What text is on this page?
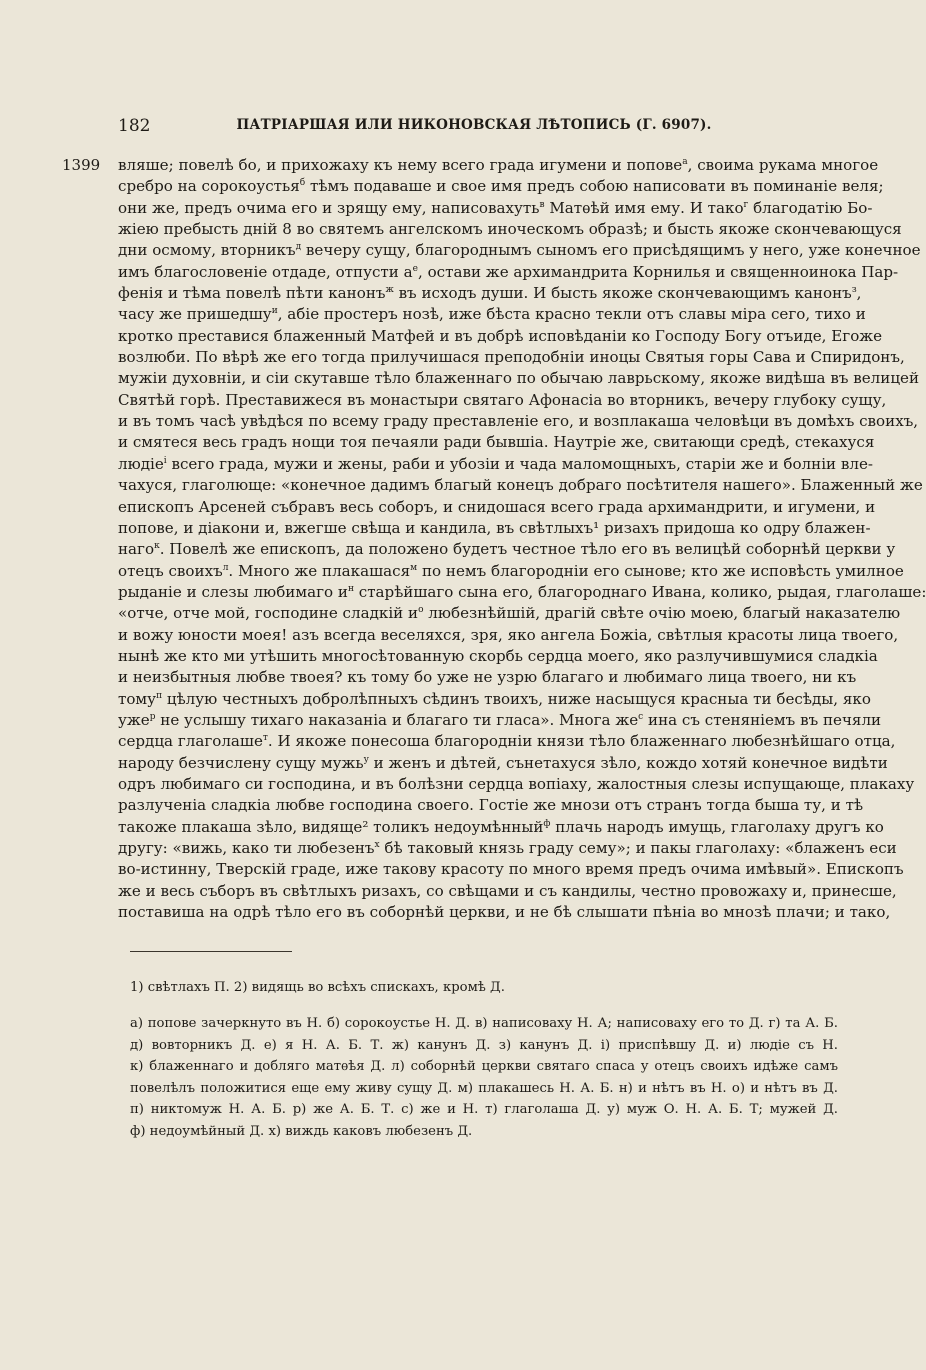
182	ПАТРІАРШАЯ ИЛИ НИКОНОВСКАЯ ЛѢТОПИСЬ (Г. 6907).
1399 вляше; повелѣ бо, и прихожаху къ нему всего града игумени и попове$^а$, своима рукама многое
сребро на сорокоустья$^б$ тѣмъ подаваше и свое имя предъ собою написовати въ поминаніе веля;
они же, предъ очима его и зрящу ему, написовахуть$^в$ Матѳѣй имя ему. И тако$^г$ благодатію Бо-
жіею пребысть дній 8 во святемъ ангелскомъ иноческомъ образѣ; и бысть якоже скончевающуся
дни осмому, вторникъ$^д$ вечеру сущу, благороднымъ сыномъ его присѣдящимъ у него, уже конечное
имъ благословеніе отдаде, отпусти $а^е$, остави же архимандрита Корнилья и священноинока Пар-
фенія и тѣма повелѣ пѣти канонъ$^ж$ въ исходъ души. И бысть якоже скончевающимъ канонъ$^з$,
часу же пришедшу$^и$, абіе простеръ нозѣ, иже бѣста красно текли отъ славы міра сего, тихо и
кротко преставися блаженный Матфей и въ добрѣ исповѣданіи ко Господу Богу отъиде, Егоже
возлюби. По вѣрѣ же его тогда прилучишася преподобніи иноцы Святыя горы Сава и Спиридонъ,
мужіи духовніи, и сіи скутавше тѣло блаженнаго по обычаю лаврьскому, якоже видѣша въ велицей
Святѣй горѣ. Преставижеся въ монастыри святаго Афонасіа во вторникъ, вечеру глубоку сущу,
и въ томъ часѣ увѣдѣся по всему граду преставленіе его, и возплакаша человѣци въ домѣхъ своихъ,
и смятеся весь градъ нощи тоя печаяли ради бывшіа. Наутріе же, свитающи средѣ, стекахуся
людіе$^і$ всего града, мужи и жены, раби и убозіи и чада маломощныхъ, старіи же и болніи вле-
чахуся, глаголюще: «конечное дадимъ благый конецъ добраго посѣтителя нашего». Блаженный же
епископъ Арсеней събравъ весь соборъ, и снидошася всего града архимандрити, и игумени, и
попове, и діакони и, вжегше свѣща и кандила, въ свѣтлыхъ¹ ризахъ придоша ко одру блажен-
наго$^к$. Повелѣ же епископъ, да положено будетъ честное тѣло его въ велицѣй соборнѣй церкви у
отецъ своихъ$^л$. Много же плакашася$^м$ по немъ благородніи его сынове; кто же исповѣсть умилное
рыданіе и слезы любимаго $и^н$ старѣйшаго сына его, благороднаго Ивана, колико, рыдая, глаголаше:
«отче, отче мой, господине сладкій $и^о$ любезнѣйшій, драгій свѣте очію моею, благый наказателю
и вожу юности моея! азъ всегда веселяхся, зря, яко ангела Божіа, свѣтлыя красоты лица твоего,
нынѣ же кто ми утѣшить многосѣтованную скорбь сердца моего, яко разлучившумися сладкіа
и неизбытныя любве твоея? къ тому бо уже не узрю благаго и любимаго лица твоего, ни къ
тому$^п$ цѣлую честныхъ добролѣпныхъ сѣдинъ твоихъ, ниже насыщуся красныа ти бесѣды, яко
уже$^р$ не услышу тихаго наказаніа и благаго ти гласа». Многа $же^с$ ина съ стенянiемъ въ печяли
сердца глаголаше$^т$. И якоже понесоша благородніи князи тѣло блаженнаго любезнѣйшаго отца,
народу безчислену сущу мужь$^у$ и женъ и дѣтей, сънетахуся зѣло, кождо хотяй конечное видѣти
одръ любимаго си господина, и въ болѣзни сердца вопіаху, жалостныя слезы испущающе, плакаху
разлученіа сладкіа любве господина своего. Гостіе же мнози отъ странъ тогда быша ту, и тѣ
такоже плакаша зѣло, видяще² толикъ недоумѣнный$^ф$ плачь народъ имущь, глаголаху другъ ко
другу: «вижь, како ти любезенъ$^х$ бѣ таковый князь граду сему»; и пакы глаголаху: «блаженъ еси
во-истинну, Тверскій граде, иже такову красоту по многo время предъ очима имѣвый». Епископъ
же и весь съборъ въ свѣтлыхъ ризахъ, со свѣщами и съ кандилы, честно провожаху и, принесше,
поставиша на одрѣ тѣло его въ соборнѣй церкви, и не бѣ слышати пѣніа во мнозѣ плачи; и тако,
1) свѣтлахъ П. 2) видящь во всѣхъ спискахъ, кромѣ Д.
а) попове зачеркнуто въ Н. б) сорокоустье Н. Д. в) написоваху Н. А; написоваху его то Д. г) та А. Б.
д) вовторникъ Д. е) я Н. А. Б. Т. ж) канунъ Д. з) канунъ Д. і) приспѣвшу Д. и) людіе съ Н.
к) блаженнаго и добляго матѳѣя Д. л) соборнѣй церкви святаго спаса у отецъ своихъ идѣже самъ
повелѣлъ положитися еще ему живу сущу Д. м) плакашесь Н. А. Б. н) и нѣтъ въ Н. о) и нѣтъ въ Д.
п) никтомуж Н. А. Б. р) же А. Б. Т. с) же и Н. т) глаголаша Д. у) муж О. Н. А. Б. Т; мужей Д.
ф) недоумѣйный Д. х) виждь каковъ любезенъ Д.
